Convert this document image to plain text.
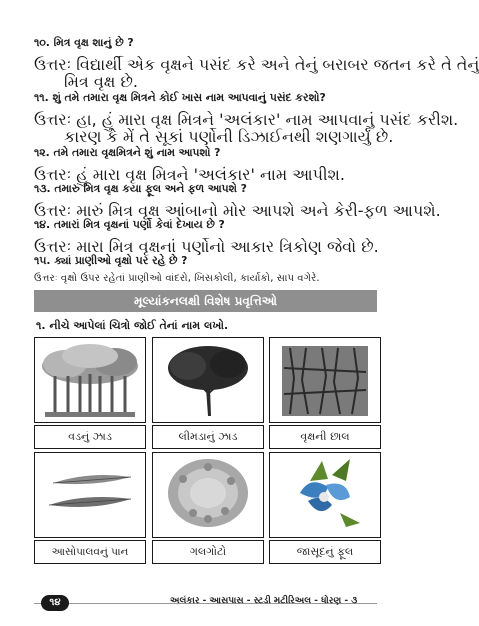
૧૦. મિત્ર વૃક્ષ શાનું છે ?
ઉત્તરઃ વિદ્યાર્થી એક વૃક્ષને પસંદ કરે અને તેનું બરાબર જતન કરે તે તેનું
મિત્ર વૃક્ષ છે.
૧૧. શું તમે તમારા વૃક્ષ મિત્રને કોઈ ખાસ નામ આપવાનું પસંદ કરશો?
ઉત્તરઃ હા, હું મારા વૃક્ષ મિત્રને 'અલંકાર' નામ આપવાનું પસંદ કરીશ.
કારણ કે મેં તે સૂકાં પર્ણોની ડિઝાઈનથી શણગાર્યું છે.
૧૨. તમે તમારા વૃક્ષમિત્રને શું નામ આપશો ?
ઉત્તરઃ હું મારા વૃક્ષ મિત્રને 'અલંકાર' નામ આપીશ.
૧૩. તમારું મિત્ર વૃક્ષ કયા ફૂલ અને ફળ આપશે ?
ઉત્તરઃ મારું મિત્ર વૃક્ષ આંબાનો મોર આપશે અને કેરી-ફળ આપશે.
૧૪. તમારાં મિત્ર વૃક્ષનાં પર્ણો કેવાં દેખાય છે ?
ઉત્તરઃ મારા મિત્ર વૃક્ષનાં પર્ણોનો આકાર ત્રિકોણ જેવો છે.
૧૫. ક્યાં પ્રાણીઓ વૃક્ષો પર રહે છે ?
ઉત્તરઃ વૃક્ષો ઉપર રહેતાં પ્રાણીઓ વાંદરો, ખિસકોલી, કાર્યાકો, સાપ વગેરે.
મૂલ્યાંકનલક્ષી વિશેષ પ્રવૃત્તિઓ
૧. નીચે આપેલાં ચિત્રો જોઈ તેનાં નામ લખો.
વડનું ઝાડ	લીમડાનું ઝાડ	વૃક્ષની છાલ
આસોપાલવનું પાન	ગલગોટો	જાસૂદનું ફૂલ
૧૪	અલંકાર - આસપાસ - સ્ટડી મટીરિઅલ - ધોરણ - ૩
